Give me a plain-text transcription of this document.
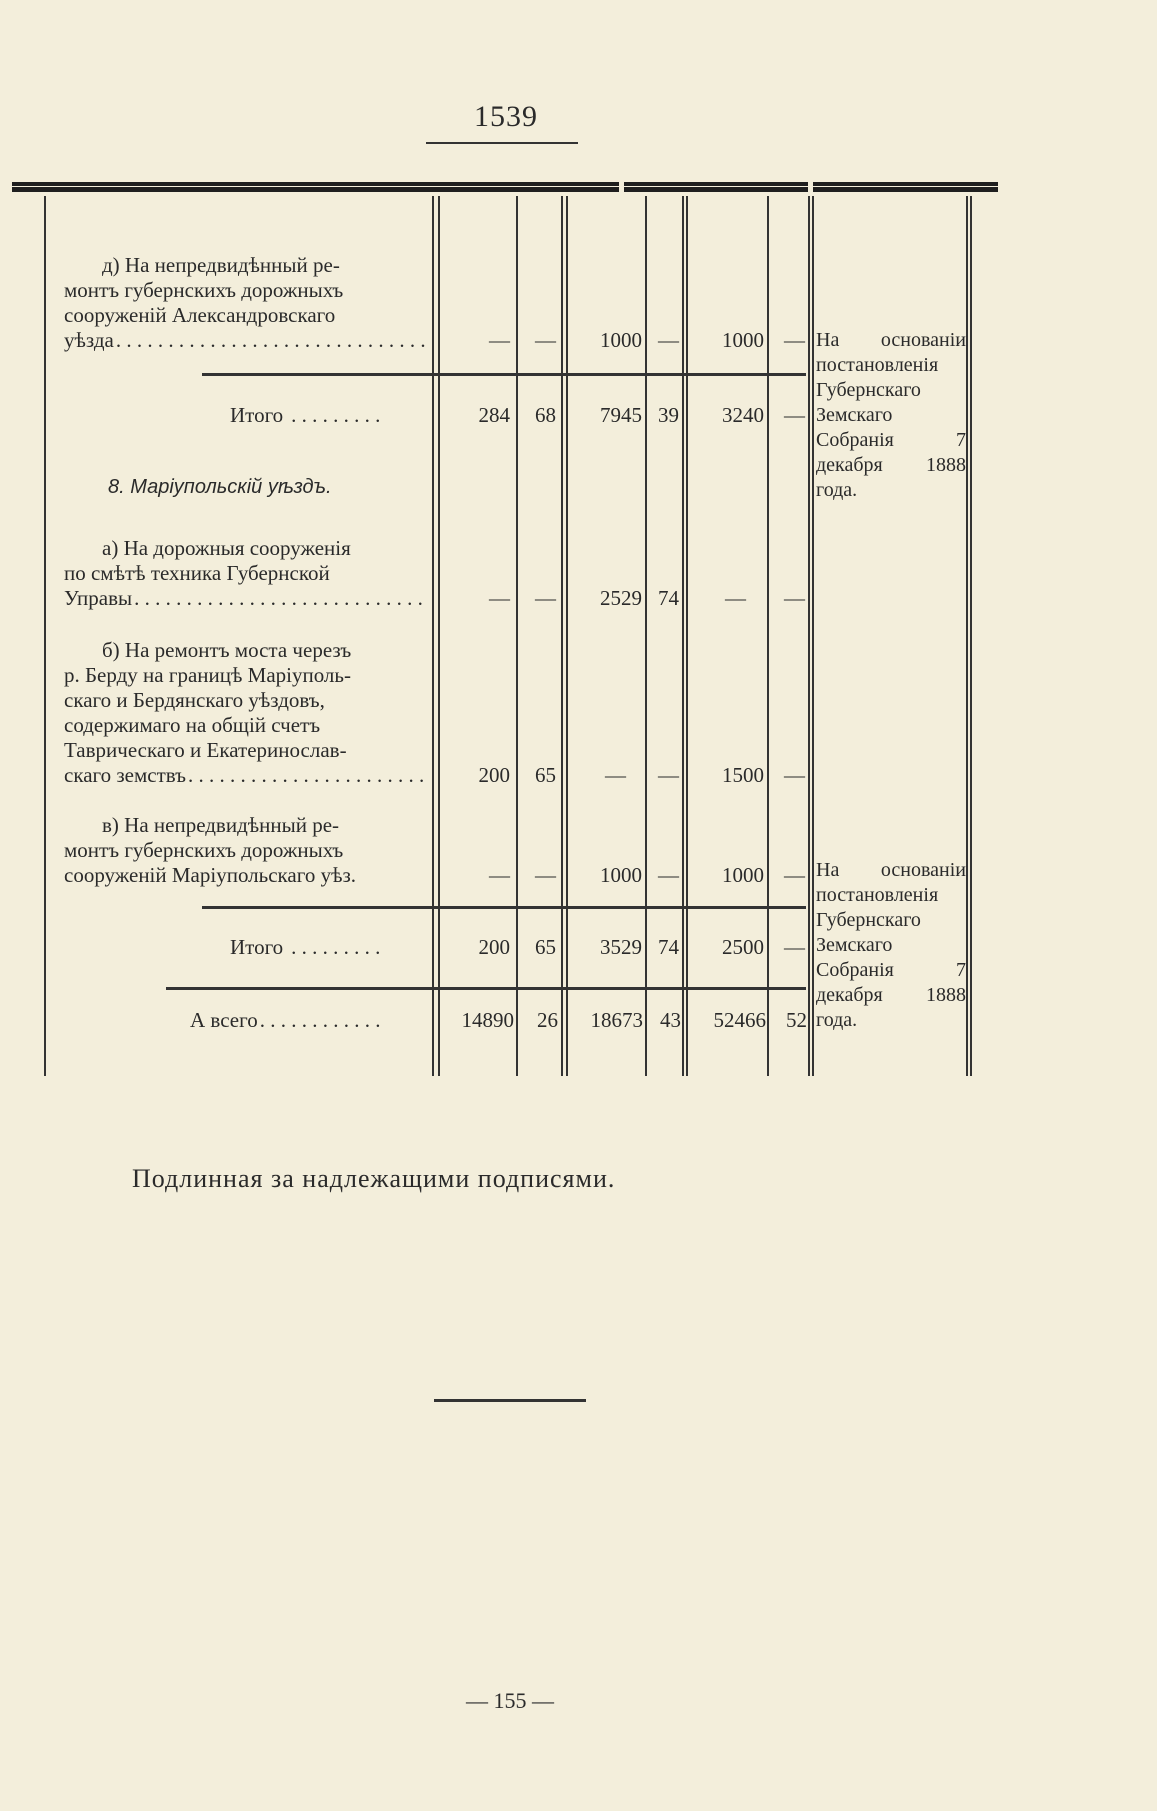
1539
д) На непредвидѣнный ре-
монтъ губернскихъ дорожныхъ
сооруженій Александровскаго
уѣзда . . .	—	—	1000 —	1000 —
Итого . . . . . . . . .	284	68	7945 39	3240 —
8. Маріупольскій уѣздъ.
а) На дорожныя сооруженія
по смѣтѣ техника Губернской
Управы . . .	—	—	2529 74	—	—
б) На ремонтъ моста черезъ
р. Берду на границѣ Маріуполь-
скаго и Бердянскаго уѣздовъ,
содержимаго на общій счетъ
Таврическаго и Екатеринослав-
скаго земствъ . . .	200	65	—	—	1500 —
в) На непредвидѣнный ре-
монтъ губернскихъ дорожныхъ
сооруженій Маріупольскаго уѣз.	—	—	1000 —	1000 —
Итого . . . . . . . . .	200	65	3529 74	2500 —
А всего . . . . . . . . . . . .	14890	26	18673 43	52466 52
На основаніи постановленія Губернскаго Земскаго Собранія 7 декабря 1888 года.
На основаніи постановленія Губернскаго Земскаго Собранія 7 декабря 1888 года.
Подлинная за надлежащими подписями.
— 155 —
